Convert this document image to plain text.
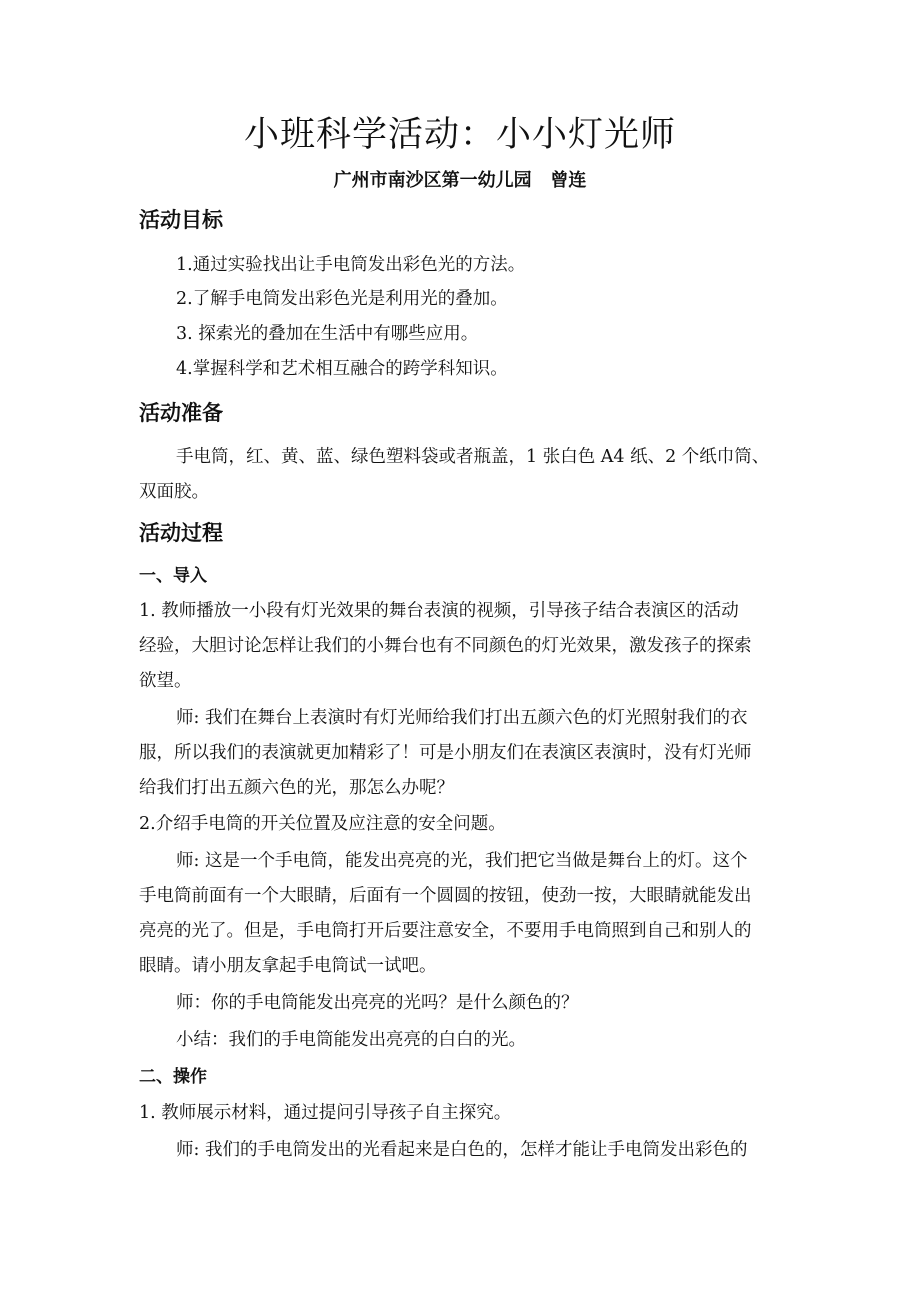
小班科学活动：小小灯光师
广州市南沙区第一幼儿园   曾连
活动目标
1.通过实验找出让手电筒发出彩色光的方法。
2.了解手电筒发出彩色光是利用光的叠加。
3. 探索光的叠加在生活中有哪些应用。
4.掌握科学和艺术相互融合的跨学科知识。
活动准备
手电筒，红、黄、蓝、绿色塑料袋或者瓶盖，1 张白色 A4 纸、2 个纸巾筒、
双面胶。
活动过程
一、导入
1. 教师播放一小段有灯光效果的舞台表演的视频，引导孩子结合表演区的活动
经验，大胆讨论怎样让我们的小舞台也有不同颜色的灯光效果，激发孩子的探索
欲望。
师: 我们在舞台上表演时有灯光师给我们打出五颜六色的灯光照射我们的衣
服，所以我们的表演就更加精彩了！可是小朋友们在表演区表演时，没有灯光师
给我们打出五颜六色的光，那怎么办呢？
2.介绍手电筒的开关位置及应注意的安全问题。
师: 这是一个手电筒，能发出亮亮的光，我们把它当做是舞台上的灯。这个
手电筒前面有一个大眼睛，后面有一个圆圆的按钮，使劲一按，大眼睛就能发出
亮亮的光了。但是，手电筒打开后要注意安全，不要用手电筒照到自己和别人的
眼睛。请小朋友拿起手电筒试一试吧。
师：你的手电筒能发出亮亮的光吗？是什么颜色的？
小结：我们的手电筒能发出亮亮的白白的光。
二、操作
1. 教师展示材料，通过提问引导孩子自主探究。
师: 我们的手电筒发出的光看起来是白色的，怎样才能让手电筒发出彩色的
